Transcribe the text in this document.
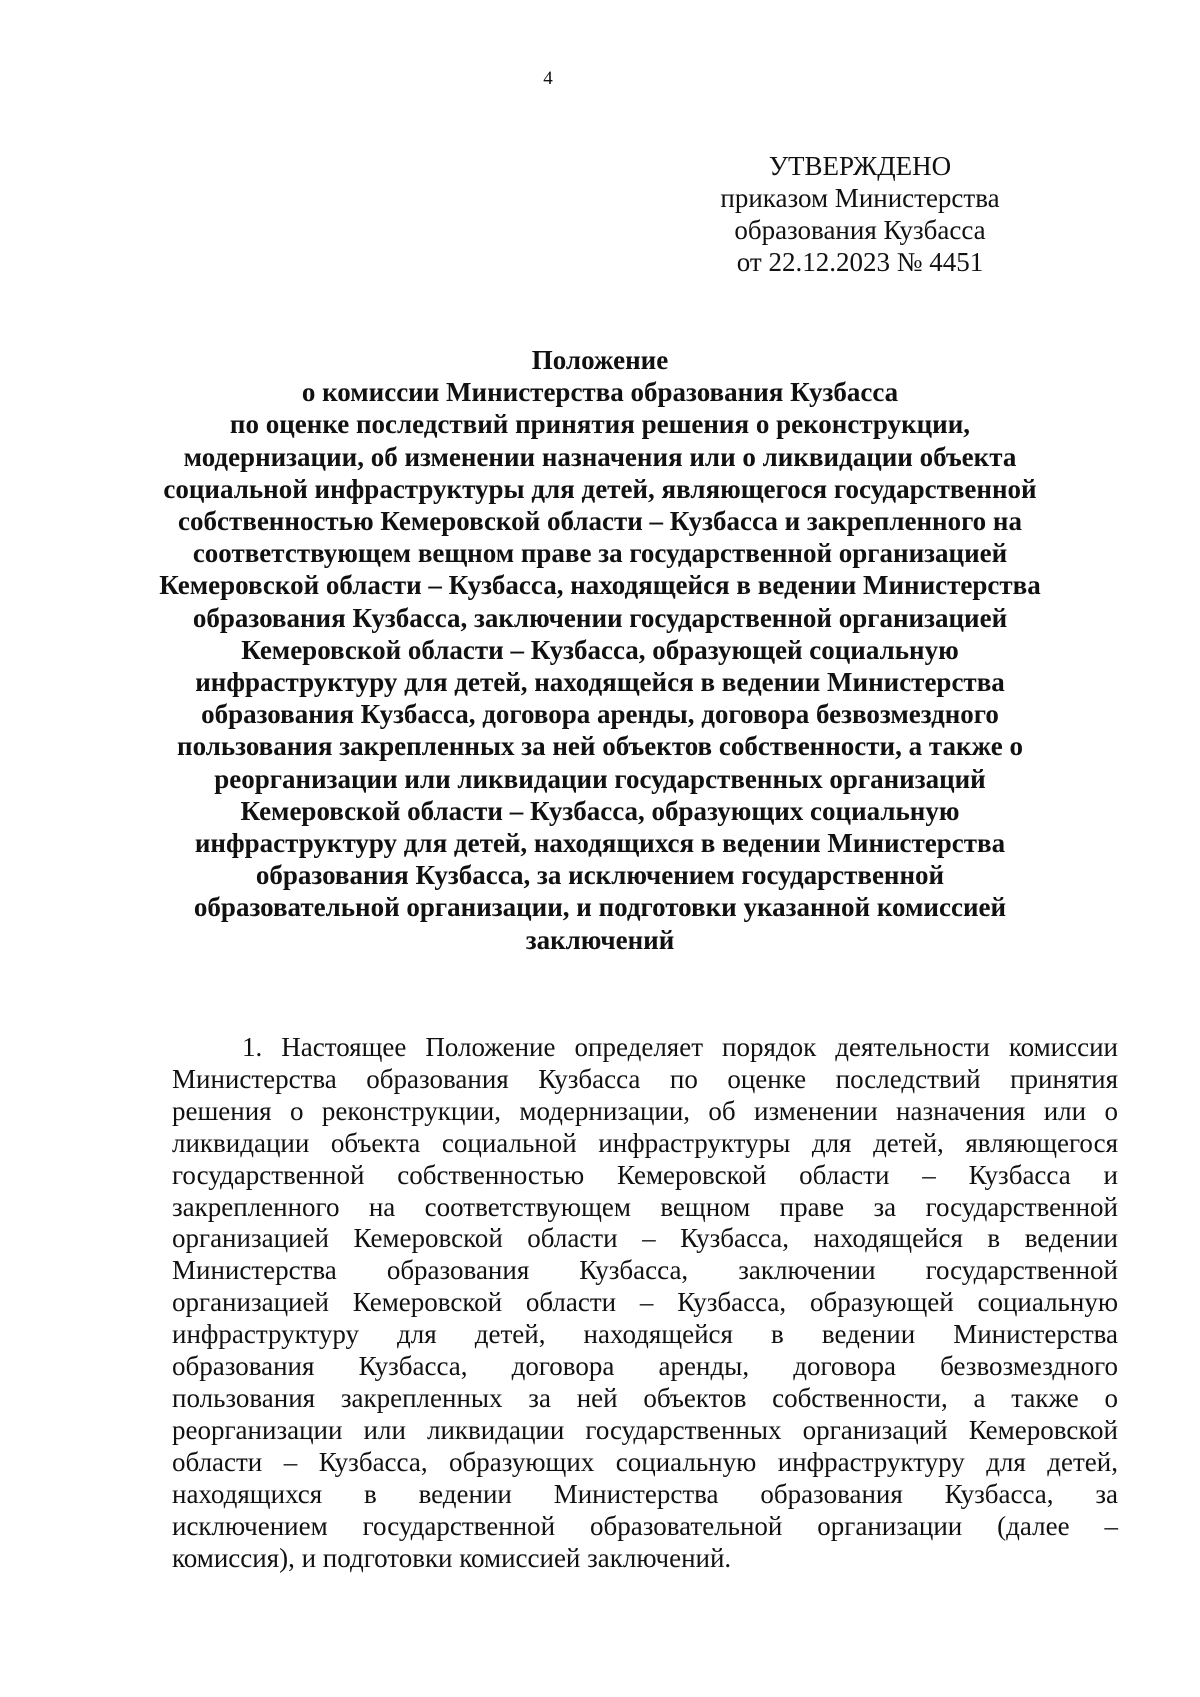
4
УТВЕРЖДЕНО
приказом Министерства
образования Кузбасса
от 22.12.2023 № 4451
Положение
о комиссии Министерства образования Кузбасса
по оценке последствий принятия решения о реконструкции,
модернизации, об изменении назначения или о ликвидации объекта
социальной инфраструктуры для детей, являющегося государственной
собственностью Кемеровской области – Кузбасса и закрепленного на
соответствующем вещном праве за государственной организацией
Кемеровской области – Кузбасса, находящейся в ведении Министерства
образования Кузбасса, заключении государственной организацией
Кемеровской области – Кузбасса, образующей социальную
инфраструктуру для детей, находящейся в ведении Министерства
образования Кузбасса, договора аренды, договора безвозмездного
пользования закрепленных за ней объектов собственности, а также о
реорганизации или ликвидации государственных организаций
Кемеровской области – Кузбасса, образующих социальную
инфраструктуру для детей, находящихся в ведении Министерства
образования Кузбасса, за исключением государственной
образовательной организации, и подготовки указанной комиссией
заключений
1. Настоящее Положение определяет порядок деятельности комиссии
Министерства образования Кузбасса по оценке последствий принятия
решения о реконструкции, модернизации, об изменении назначения или о
ликвидации объекта социальной инфраструктуры для детей, являющегося
государственной собственностью Кемеровской области – Кузбасса и
закрепленного на соответствующем вещном праве за государственной
организацией Кемеровской области – Кузбасса, находящейся в ведении
Министерства образования Кузбасса, заключении государственной
организацией Кемеровской области – Кузбасса, образующей социальную
инфраструктуру для детей, находящейся в ведении Министерства
образования Кузбасса, договора аренды, договора безвозмездного
пользования закрепленных за ней объектов собственности, а также о
реорганизации или ликвидации государственных организаций Кемеровской
области – Кузбасса, образующих социальную инфраструктуру для детей,
находящихся в ведении Министерства образования Кузбасса, за
исключением государственной образовательной организации (далее –
комиссия), и подготовки комиссией заключений.
